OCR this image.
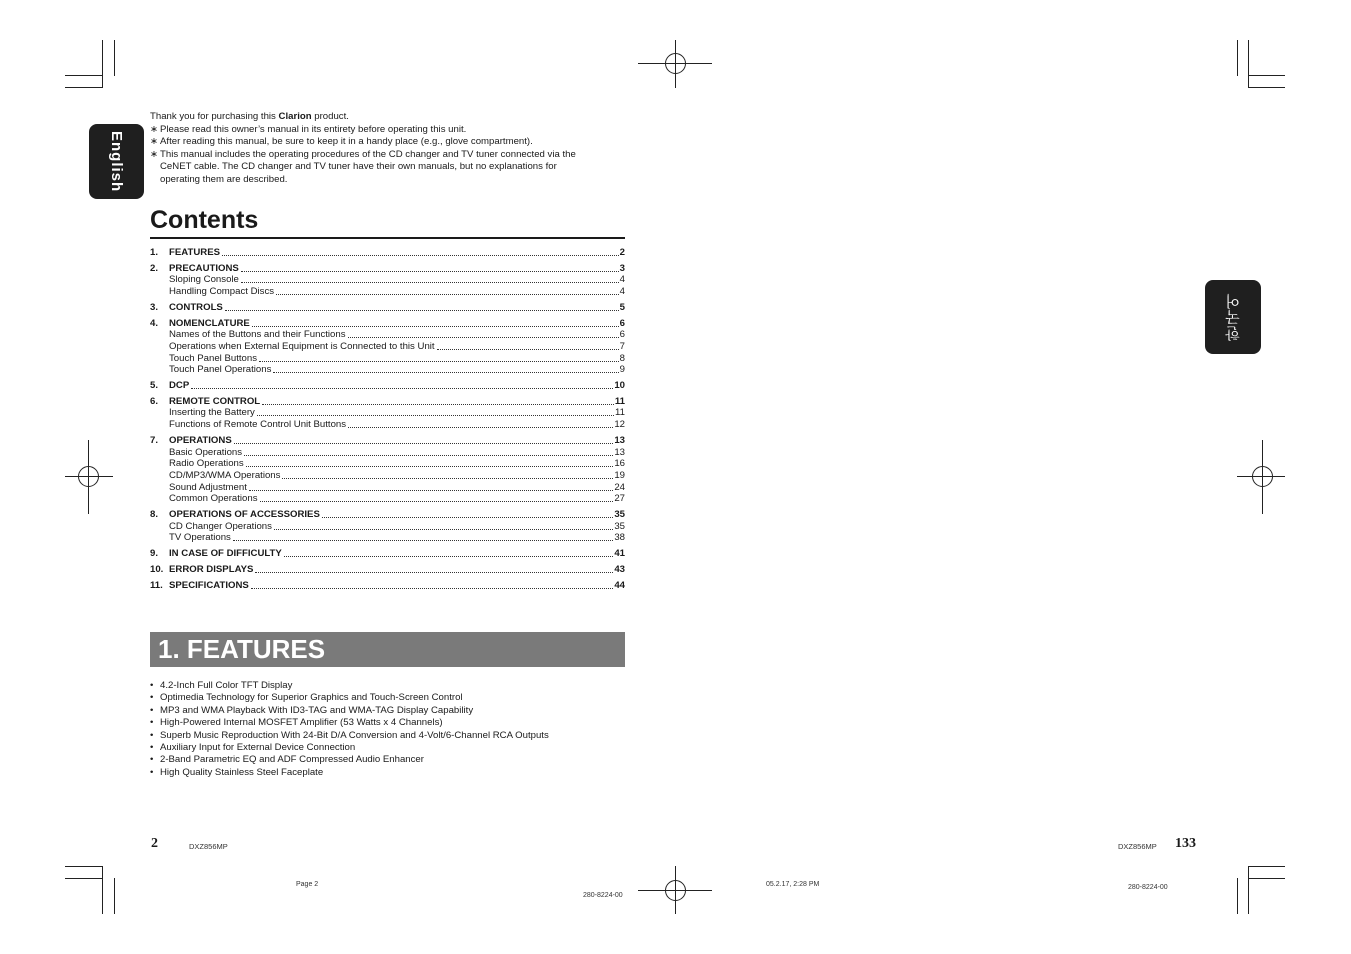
English
한국어

Thank you for purchasing this Clarion product.

∗ Please read this owner’s manual in its entirety before operating this unit.

∗ After reading this manual, be sure to keep it in a handy place (e.g., glove compartment).

∗ This manual includes the operating procedures of the CD changer and TV tuner connected via the

CeNET cable. The CD changer and TV tuner have their own manuals, but no explanations for

operating them are described.

Contents
1.	FEATURES	2
2.	PRECAUTIONS	3
Sloping Console	4
Handling Compact Discs	4
3.	CONTROLS	5
4.	NOMENCLATURE	6
Names of the Buttons and their Functions	6
Operations when External Equipment is Connected to this Unit	7
Touch Panel Buttons	8
Touch Panel Operations	9
5.	DCP	10
6.	REMOTE CONTROL	11
Inserting the Battery	11
Functions of Remote Control Unit Buttons	12
7.	OPERATIONS	13
Basic Operations	13
Radio Operations	16
CD/MP3/WMA Operations	19
Sound Adjustment	24
Common Operations	27
8.	OPERATIONS OF ACCESSORIES	35
CD Changer Operations	35
TV Operations	38
9.	IN CASE OF DIFFICULTY	41
10. ERROR DISPLAYS	43
11. SPECIFICATIONS	44
1. FEATURES
• 4.2-Inch Full Color TFT Display
• Optimedia Technology for Superior Graphics and Touch-Screen Control
• MP3 and WMA Playback With ID3-TAG and WMA-TAG Display Capability
• High-Powered Internal MOSFET Amplifier (53 Watts x 4 Channels)
• Superb Music Reproduction With 24-Bit D/A Conversion and 4-Volt/6-Channel RCA Outputs
• Auxiliary Input for External Device Connection
• 2-Band Parametric EQ and ADF Compressed Audio Enhancer
• High Quality Stainless Steel Faceplate
2	DXZ856MP	DXZ856MP 133
Page 2
280-8224-00
05.2.17, 2:28 PM	280-8224-00
